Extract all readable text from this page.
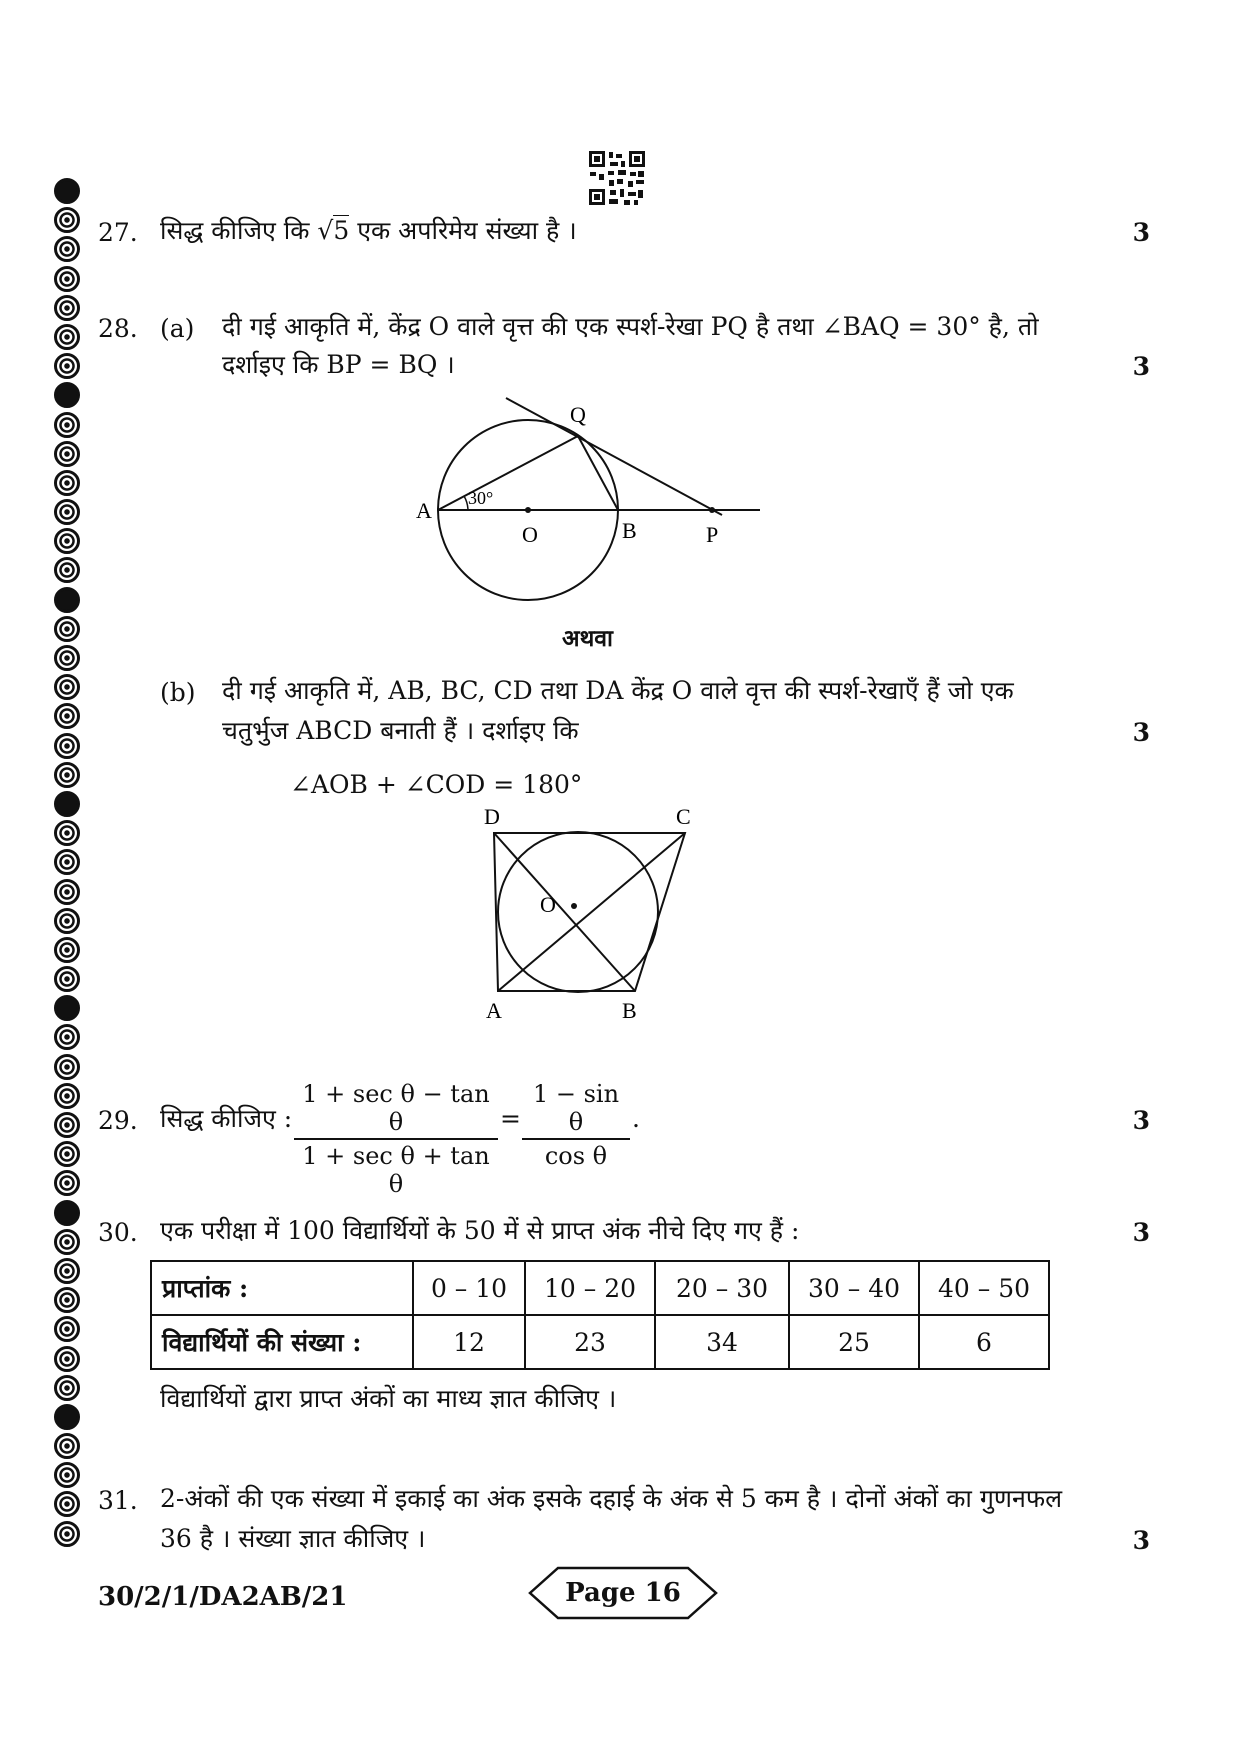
27. सिद्ध कीजिए कि √5 एक अपरिमेय संख्या है ।	3
28. (a) दी गई आकृति में, केंद्र O वाले वृत्त की एक स्पर्श-रेखा PQ है तथा ∠BAQ = 30° है, तो
दर्शाइए कि BP = BQ ।	3
Q
A 30°
O	B	P
अथवा
(b) दी गई आकृति में, AB, BC, CD तथा DA केंद्र O वाले वृत्त की स्पर्श-रेखाएँ हैं जो एक
चतुर्भुज ABCD बनाती हैं । दर्शाइए कि	3
∠AOB + ∠COD = 180°
D	C
O
A	B
29. सिद्ध कीजिए :
1 + sec θ − tan θ
1 + sec θ + tan θ
= $\frac{\text{1 − sin θ}}{\text{cos θ}}$ .	3
30. एक परीक्षा में 100 विद्यार्थियों के 50 में से प्राप्त अंक नीचे दिए गए हैं :	3
प्राप्तांक :	0 – 10	10 – 20	20 – 30	30 – 40	40 – 50
विद्यार्थियों की संख्या :	12	23	34	25	6
विद्यार्थियों द्वारा प्राप्त अंकों का माध्य ज्ञात कीजिए ।
31. 2-अंकों की एक संख्या में इकाई का अंक इसके दहाई के अंक से 5 कम है । दोनों अंकों का गुणनफल
36 है । संख्या ज्ञात कीजिए ।	3
30/2/1/DA2AB/21	Page 16
